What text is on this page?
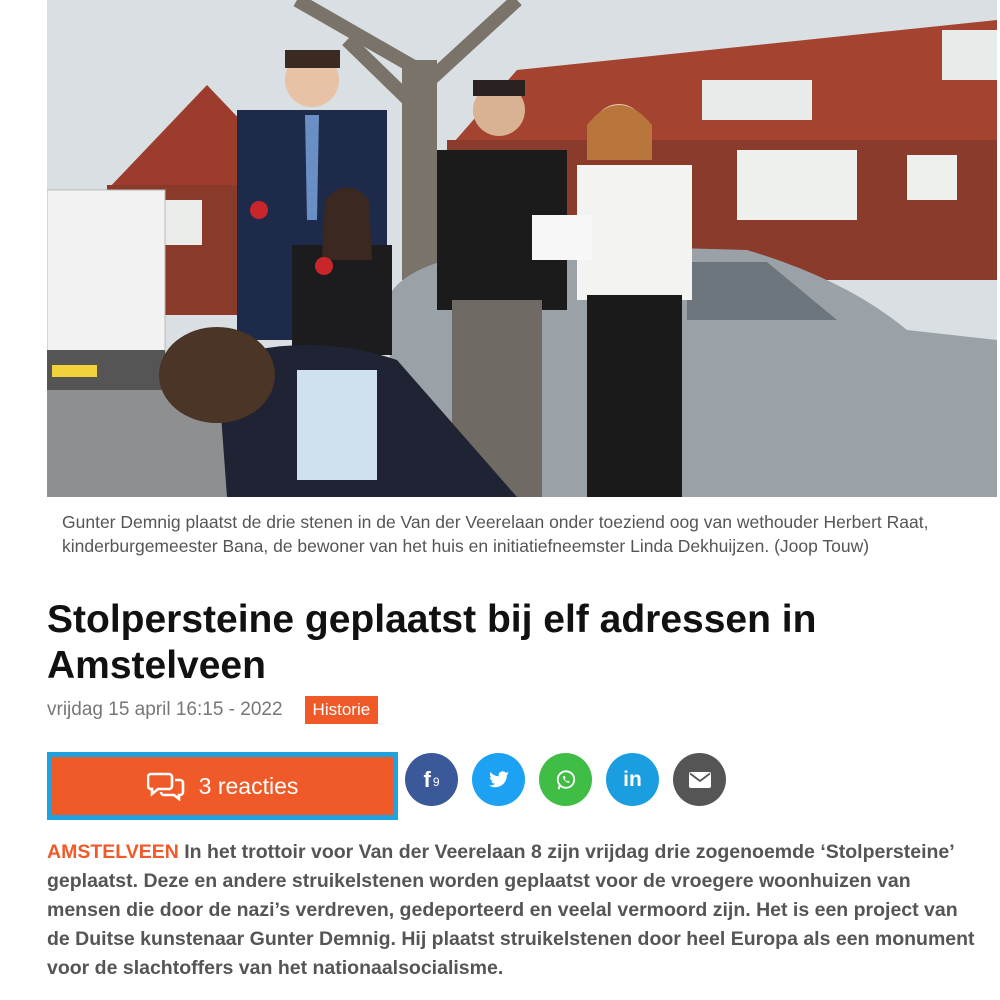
Gunter Demnig plaatst de drie stenen in de Van der Veerelaan onder toeziend oog van wethouder Herbert Raat, kinderburgemeester Bana, de bewoner van het huis en initiatiefneemster Linda Dekhuijzen. (Joop Touw)
Stolpersteine geplaatst bij elf adressen in Amstelveen
vrijdag 15 april 16:15 - 2022	Historie
3 reacties	f 9	in

AMSTELVEEN In het trottoir voor Van der Veerelaan 8 zijn vrijdag drie zogenoemde ‘Stolpersteine’ geplaatst. Deze en andere struikelstenen worden geplaatst voor de vroegere woonhuizen van mensen die door de nazi’s verdreven, gedeporteerd en veelal vermoord zijn. Het is een project van de Duitse kunstenaar Gunter Demnig. Hij plaatst struikelstenen door heel Europa als een monument voor de slachtoffers van het nationaalsocialisme.
